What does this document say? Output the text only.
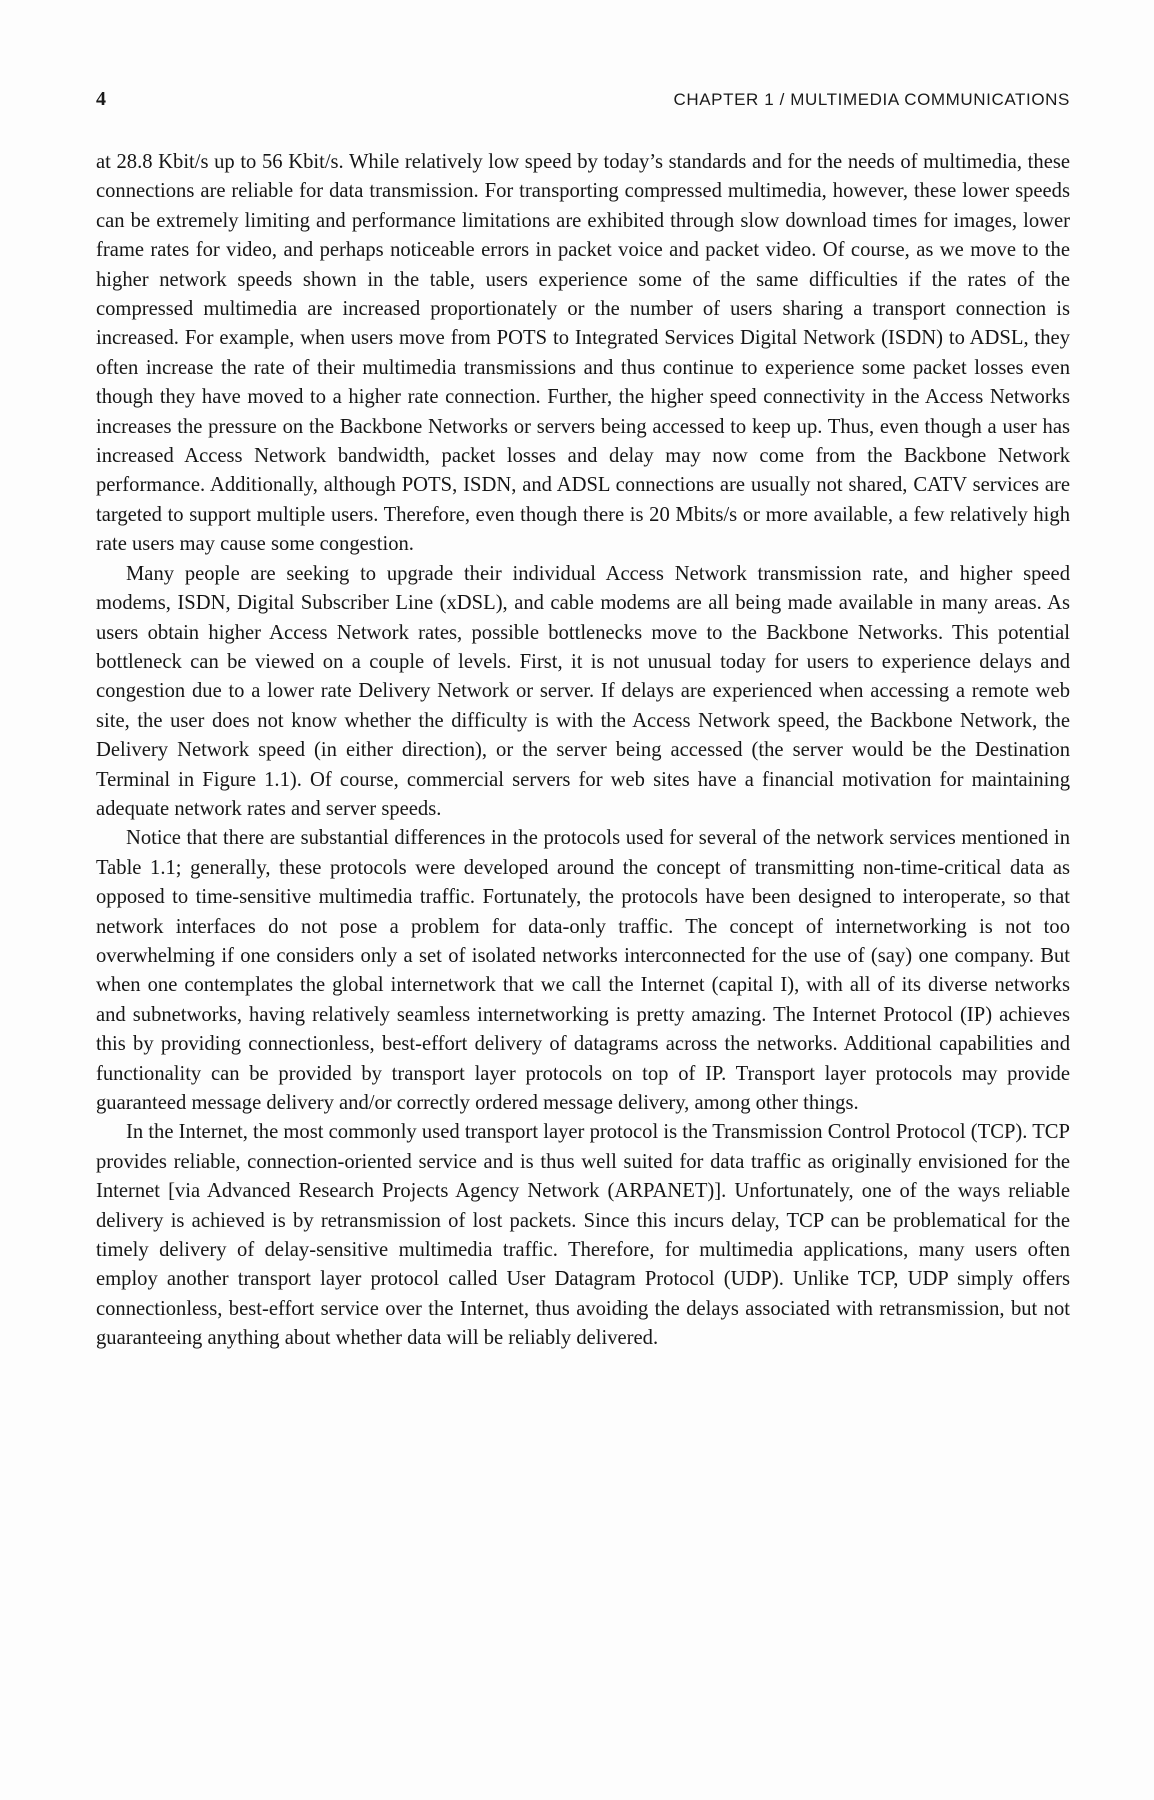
4	CHAPTER 1 / MULTIMEDIA COMMUNICATIONS

at 28.8 Kbit/s up to 56 Kbit/s. While relatively low speed by today’s standards and for the needs of multimedia, these connections are reliable for data transmission. For transporting compressed multimedia, however, these lower speeds can be extremely limiting and performance limitations are exhibited through slow download times for images, lower frame rates for video, and perhaps noticeable errors in packet voice and packet video. Of course, as we move to the higher network speeds shown in the table, users experience some of the same difficulties if the rates of the compressed multimedia are increased proportionately or the number of users sharing a transport connection is increased. For example, when users move from POTS to Integrated Services Digital Network (ISDN) to ADSL, they often increase the rate of their multimedia transmissions and thus continue to experience some packet losses even though they have moved to a higher rate connection. Further, the higher speed connectivity in the Access Networks increases the pressure on the Backbone Networks or servers being accessed to keep up. Thus, even though a user has increased Access Network bandwidth, packet losses and delay may now come from the Backbone Network performance. Additionally, although POTS, ISDN, and ADSL connections are usually not shared, CATV services are targeted to support multiple users. Therefore, even though there is 20 Mbits/s or more available, a few relatively high rate users may cause some congestion.

Many people are seeking to upgrade their individual Access Network transmission rate, and higher speed modems, ISDN, Digital Subscriber Line (xDSL), and cable modems are all being made available in many areas. As users obtain higher Access Network rates, possible bottlenecks move to the Backbone Networks. This potential bottleneck can be viewed on a couple of levels. First, it is not unusual today for users to experience delays and congestion due to a lower rate Delivery Network or server. If delays are experienced when accessing a remote web site, the user does not know whether the difficulty is with the Access Network speed, the Backbone Network, the Delivery Network speed (in either direction), or the server being accessed (the server would be the Destination Terminal in Figure 1.1). Of course, commercial servers for web sites have a financial motivation for maintaining adequate network rates and server speeds.

Notice that there are substantial differences in the protocols used for several of the network services mentioned in Table 1.1; generally, these protocols were developed around the concept of transmitting non-time-critical data as opposed to time-sensitive multimedia traffic. Fortunately, the protocols have been designed to interoperate, so that network interfaces do not pose a problem for data-only traffic. The concept of internetworking is not too overwhelming if one considers only a set of isolated networks interconnected for the use of (say) one company. But when one contemplates the global internetwork that we call the Internet (capital I), with all of its diverse networks and subnetworks, having relatively seamless internetworking is pretty amazing. The Internet Protocol (IP) achieves this by providing connectionless, best-effort delivery of datagrams across the networks. Additional capabilities and functionality can be provided by transport layer protocols on top of IP. Transport layer protocols may provide guaranteed message delivery and/or correctly ordered message delivery, among other things.

In the Internet, the most commonly used transport layer protocol is the Transmission Control Protocol (TCP). TCP provides reliable, connection-oriented service and is thus well suited for data traffic as originally envisioned for the Internet [via Advanced Research Projects Agency Network (ARPANET)]. Unfortunately, one of the ways reliable delivery is achieved is by retransmission of lost packets. Since this incurs delay, TCP can be problematical for the timely delivery of delay-sensitive multimedia traffic. Therefore, for multimedia applications, many users often employ another transport layer protocol called User Datagram Protocol (UDP). Unlike TCP, UDP simply offers connectionless, best-effort service over the Internet, thus avoiding the delays associated with retransmission, but not guaranteeing anything about whether data will be reliably delivered.
